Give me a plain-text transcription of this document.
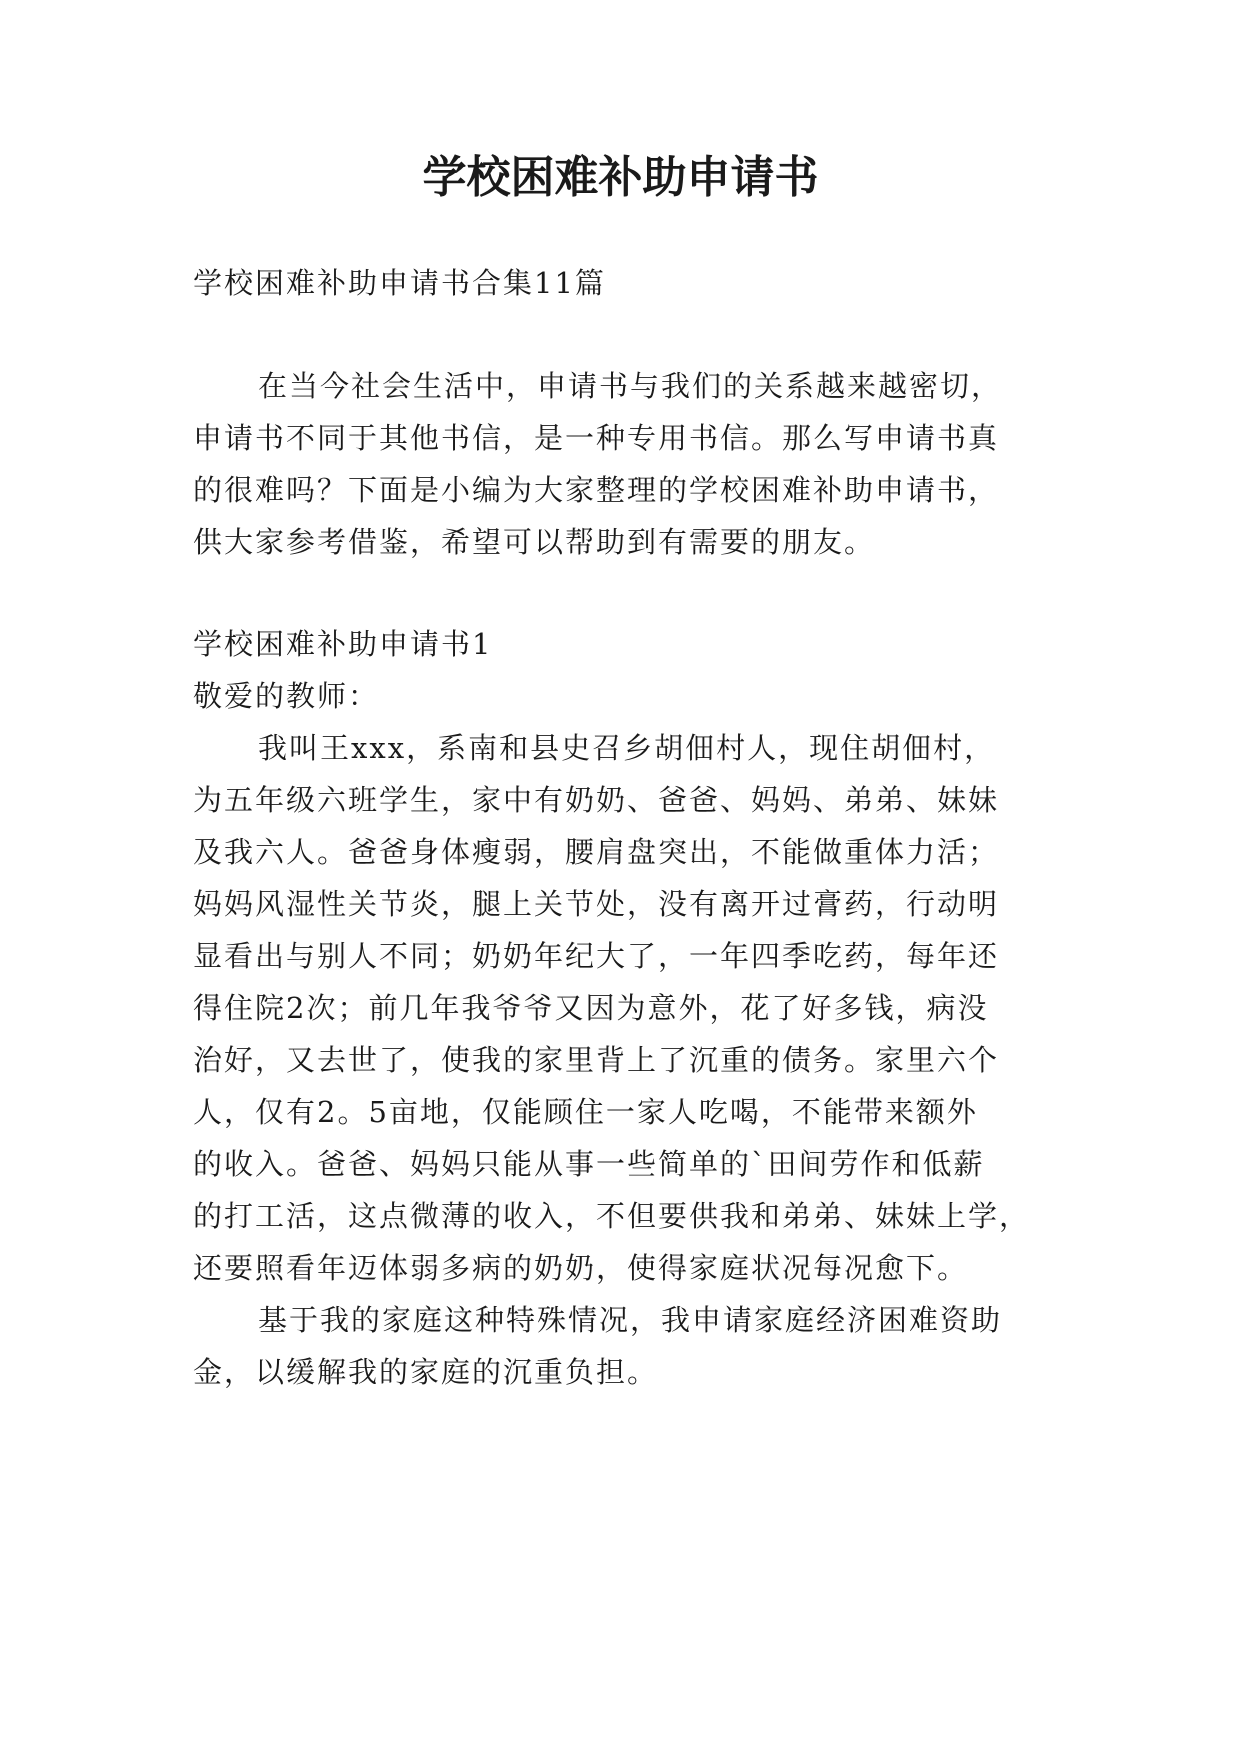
学校困难补助申请书
学校困难补助申请书合集11篇
在当今社会生活中，申请书与我们的关系越来越密切，
申请书不同于其他书信，是一种专用书信。那么写申请书真
的很难吗？下面是小编为大家整理的学校困难补助申请书，
供大家参考借鉴，希望可以帮助到有需要的朋友。
学校困难补助申请书1
敬爱的教师：
我叫王xxx，系南和县史召乡胡佃村人，现住胡佃村，
为五年级六班学生，家中有奶奶、爸爸、妈妈、弟弟、妹妹
及我六人。爸爸身体瘦弱，腰肩盘突出，不能做重体力活；
妈妈风湿性关节炎，腿上关节处，没有离开过膏药，行动明
显看出与别人不同；奶奶年纪大了，一年四季吃药，每年还
得住院2次；前几年我爷爷又因为意外，花了好多钱，病没
治好，又去世了，使我的家里背上了沉重的债务。家里六个
人，仅有2。5亩地，仅能顾住一家人吃喝，不能带来额外
的收入。爸爸、妈妈只能从事一些简单的`田间劳作和低薪
的打工活，这点微薄的收入，不但要供我和弟弟、妹妹上学，
还要照看年迈体弱多病的奶奶，使得家庭状况每况愈下。
基于我的家庭这种特殊情况，我申请家庭经济困难资助
金，以缓解我的家庭的沉重负担。
